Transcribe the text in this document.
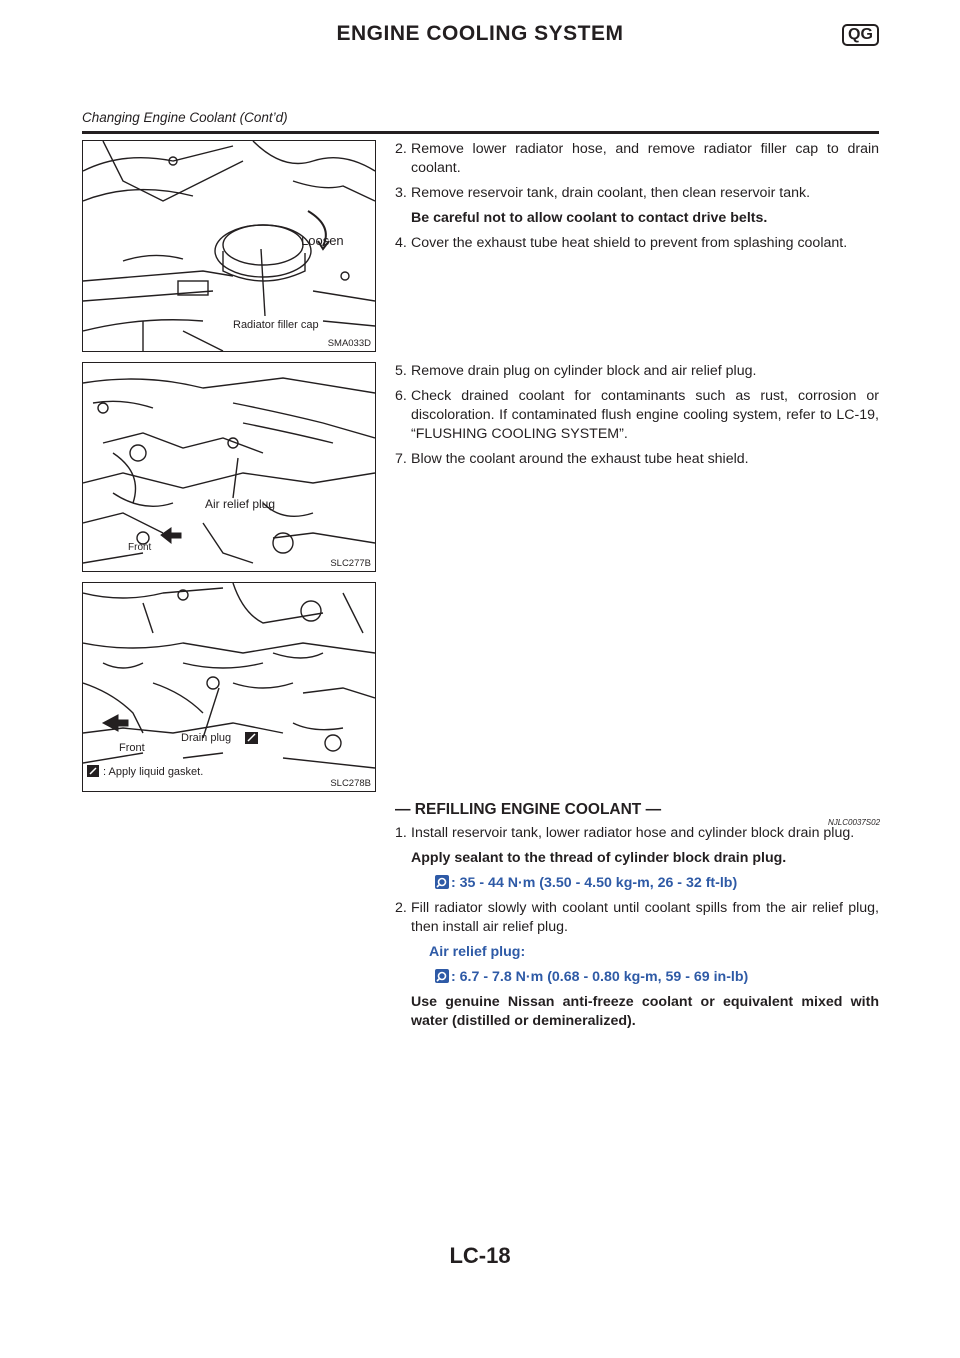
ENGINE COOLING SYSTEM	QG
Changing Engine Coolant (Cont’d)
Loosen
Radiator filler cap
SMA033D
Air relief plug
Front
SLC277B
Front
Drain plug
: Apply liquid gasket.
SLC278B
2. Remove lower radiator hose, and remove radiator filler cap to drain coolant.
3. Remove reservoir tank, drain coolant, then clean reservoir tank.
Be careful not to allow coolant to contact drive belts.
4. Cover the exhaust tube heat shield to prevent from splashing coolant.
5. Remove drain plug on cylinder block and air relief plug.
6. Check drained coolant for contaminants such as rust, corrosion or discoloration. If contaminated flush engine cooling system, refer to LC-19, “FLUSHING COOLING SYSTEM”.
7. Blow the coolant around the exhaust tube heat shield.
— REFILLING ENGINE COOLANT —
NJLC0037S02
1. Install reservoir tank, lower radiator hose and cylinder block drain plug.
Apply sealant to the thread of cylinder block drain plug.
: 35 - 44 N·m (3.50 - 4.50 kg-m, 26 - 32 ft-lb)
2. Fill radiator slowly with coolant until coolant spills from the air relief plug, then install air relief plug.
Air relief plug:
: 6.7 - 7.8 N·m (0.68 - 0.80 kg-m, 59 - 69 in-lb)
Use genuine Nissan anti-freeze coolant or equivalent mixed with water (distilled or demineralized).
LC-18
